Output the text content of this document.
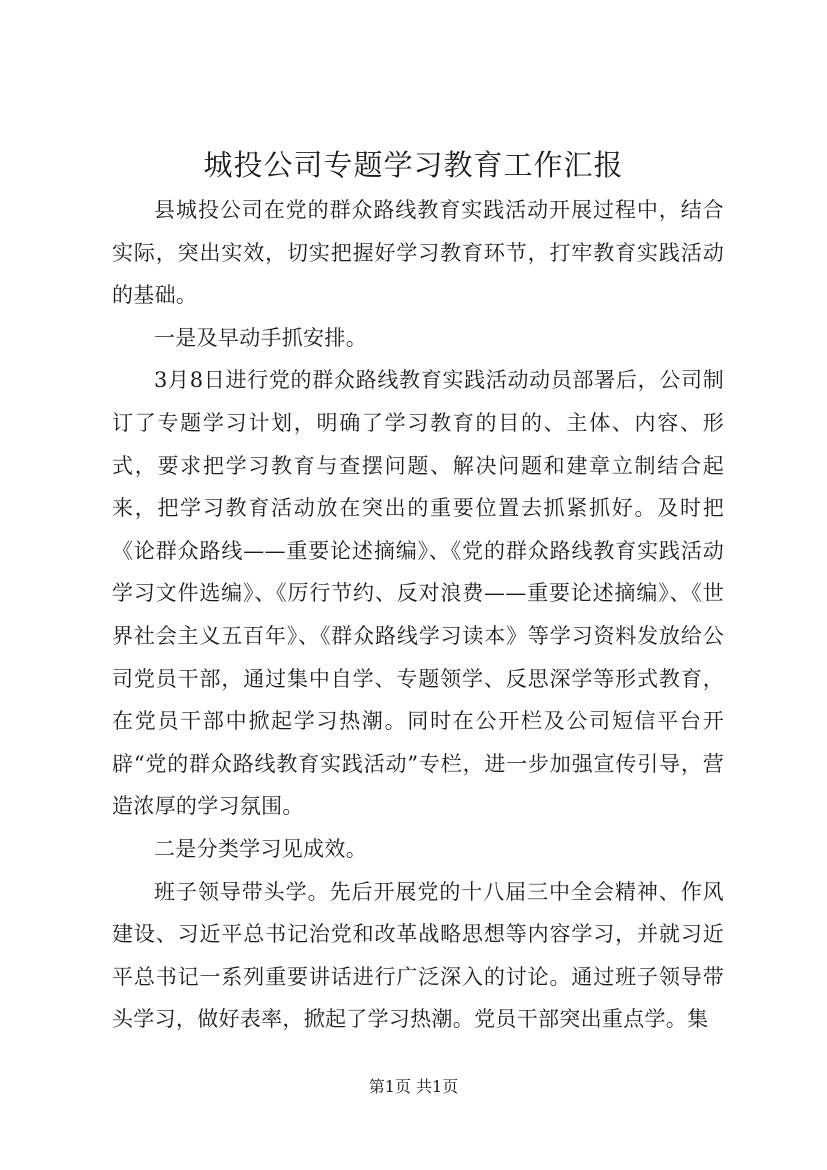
城投公司专题学习教育工作汇报

县城投公司在党的群众路线教育实践活动开展过程中，结合实际，突出实效，切实把握好学习教育环节，打牢教育实践活动的基础。

一是及早动手抓安排。

3月8日进行党的群众路线教育实践活动动员部署后，公司制订了专题学习计划，明确了学习教育的目的、主体、内容、形式，要求把学习教育与查摆问题、解决问题和建章立制结合起来，把学习教育活动放在突出的重要位置去抓紧抓好。及时把《论群众路线——重要论述摘编》、《党的群众路线教育实践活动学习文件选编》、《厉行节约、反对浪费——重要论述摘编》、《世界社会主义五百年》、《群众路线学习读本》等学习资料发放给公司党员干部，通过集中自学、专题领学、反思深学等形式教育，在党员干部中掀起学习热潮。同时在公开栏及公司短信平台开辟“党的群众路线教育实践活动”专栏，进一步加强宣传引导，营造浓厚的学习氛围。

二是分类学习见成效。

班子领导带头学。先后开展党的十八届三中全会精神、作风建设、习近平总书记治党和改革战略思想等内容学习，并就习近平总书记一系列重要讲话进行广泛深入的讨论。通过班子领导带头学习，做好表率，掀起了学习热潮。党员干部突出重点学。集

第1页 共1页
